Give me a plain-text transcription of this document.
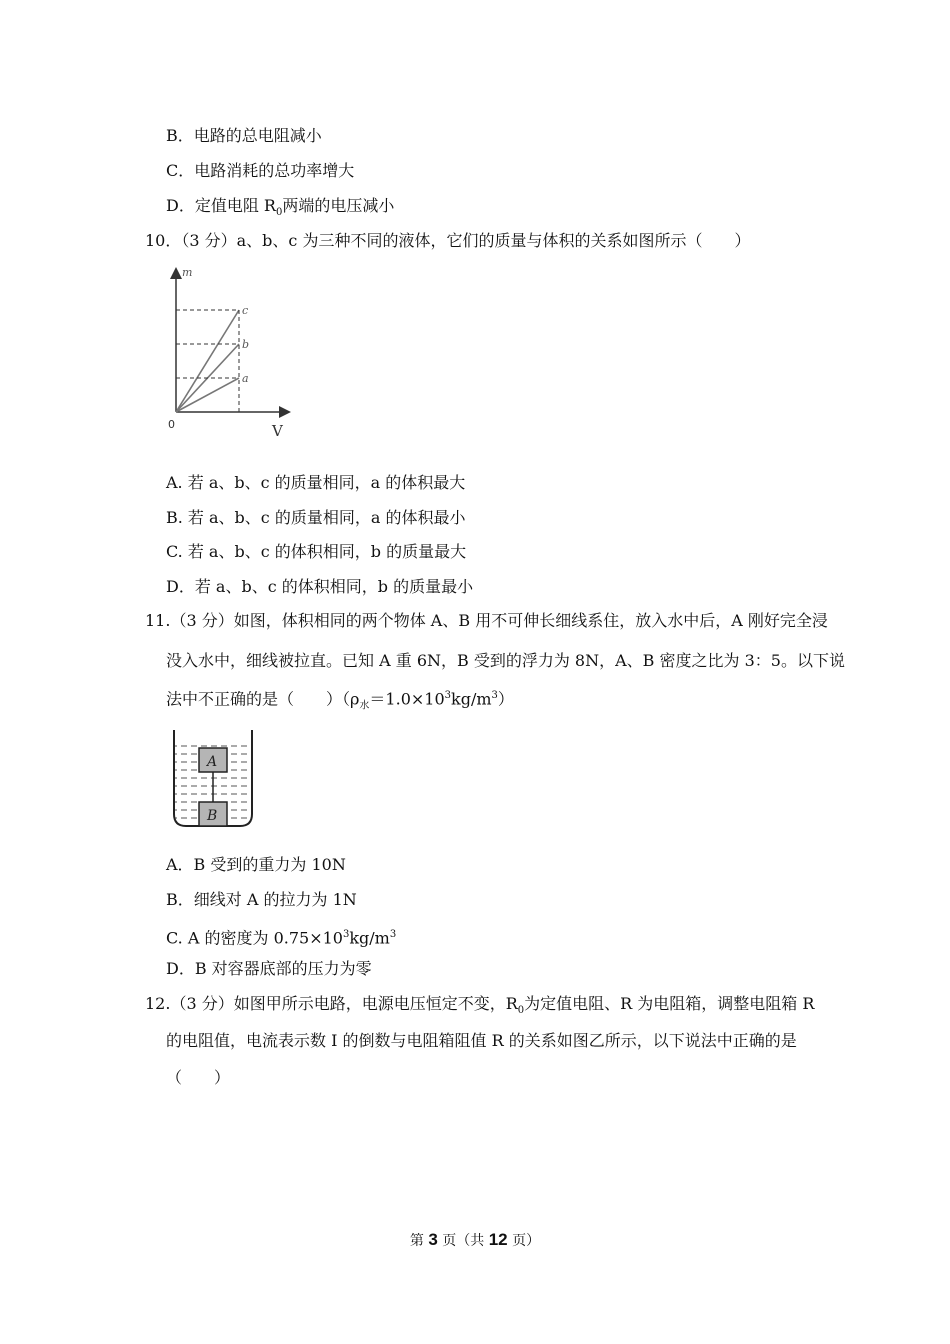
B．电路的总电阻减小
C．电路消耗的总功率增大
D．定值电阻 $R_0$两端的电压减小
10．（3 分）a、b、c 为三种不同的液体，它们的质量与体积的关系如图所示（　　）
m
V
0
c
b
a
A. 若 a、b、c 的质量相同，a 的体积最大
B. 若 a、b、c 的质量相同，a 的体积最小
C. 若 a、b、c 的体积相同，b 的质量最大
D．若 a、b、c 的体积相同，b 的质量最小
11.（3 分）如图，体积相同的两个物体 A、B 用不可伸长细线系住，放入水中后，A 刚好完全浸
没入水中，细线被拉直。已知 A 重 6N，B 受到的浮力为 8N，A、B 密度之比为 3：5。以下说
法中不正确的是（　　）$(\rho_水=1.0\times 10^3kg/m^3)$
A
B
A．B 受到的重力为 10N
B．细线对 A 的拉力为 1N
C. A 的密度为 $0.75\times 10^3kg/m^3$
D．B 对容器底部的压力为零
12.（3 分）如图甲所示电路，电源电压恒定不变，$R_0$为定值电阻、R 为电阻箱，调整电阻箱 R
的电阻值，电流表示数 I 的倒数与电阻箱阻值 R 的关系如图乙所示，以下说法中正确的是
（　　）
第 3 页（共 12 页）
